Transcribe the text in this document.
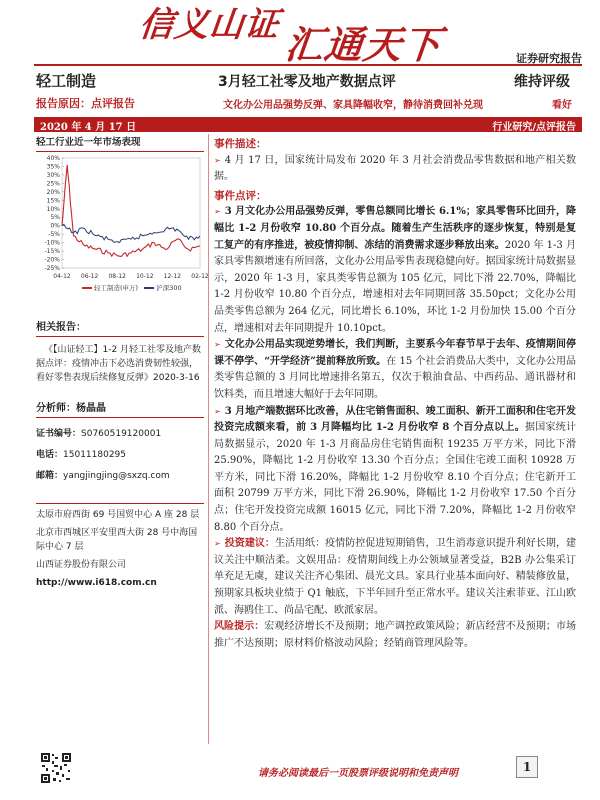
信义山证汇通天下	证券研究报告
轻工制造	3月轻工社零及地产数据点评	维持评级
报告原因：点评报告	文化办公用品强势反弹、家具降幅收窄，静待消费回补兑现	看好
2020 年 4 月 17 日	行业研究/点评报告
轻工行业近一年市场表现
40%
35%
30%
25%
20%
15%
10%
5%
0%
-5%
-10%
-15%
-20%
-25%
04-12 06-12 08-12 10-12 12-12 02-12
轻工制造(申万)	沪深300
相关报告：
《【山证轻工】1-2 月轻工社零及地产数据点评：疫情冲击下必选消费韧性较强，看好零售表现后续修复反弹》2020-3-16
分析师：杨晶晶
证书编号：S0760519120001
电话：15011180295
邮箱：yangjingjing@sxzq.com

太原市府西街 69 号国贸中心 A 座 28 层

北京市西城区平安里西大街 28 号中海国际中心 7 层

山西证券股份有限公司

http://www.i618.com.cn
事件描述：

➢ 4 月 17 日，国家统计局发布 2020 年 3 月社会消费品零售数据和地产相关数据。

事件点评：

➢ 3 月文化办公用品强势反弹，零售总额同比增长 6.1%；家具零售环比回升，降幅比 1-2 月份收窄 10.80 个百分点。随着生产生活秩序的逐步恢复，特别是复工复产的有序推进，被疫情抑制、冻结的消费需求逐步释放出来。2020 年 1-3 月家具零售额增速有所回落，文化办公用品零售表现稳健向好。据国家统计局数据显示，2020 年 1-3 月，家具类零售总额为 105 亿元，同比下滑 22.70%，降幅比 1-2 月份收窄 10.80 个百分点，增速相对去年同期回落 35.50pct；文化办公用品类零售总额为 264 亿元，同比增长 6.10%，环比 1-2 月份加快 15.00 个百分点，增速相对去年同期提升 10.10pct。

➢ 文化办公用品实现逆势增长，我们判断，主要系今年春节早于去年、疫情期间停课不停学、“开学经济”提前释放所致。在 15 个社会消费品大类中，文化办公用品类零售总额的 3 月同比增速排名第五，仅次于粮油食品、中西药品、通讯器材和饮料类，而且增速大幅好于去年同期。

➢ 3 月地产端数据环比改善，从住宅销售面积、竣工面积、新开工面积和住宅开发投资完成额来看，前 3 月降幅均比 1-2 月份收窄 8 个百分点以上。据国家统计局数据显示，2020 年 1-3 月商品房住宅销售面积 19235 万平方米，同比下滑 25.90%，降幅比 1-2 月份收窄 13.30 个百分点；全国住宅竣工面积 10928 万平方米，同比下滑 16.20%，降幅比 1-2 月份收窄 8.10 个百分点；住宅新开工面积 20799 万平方米，同比下滑 26.90%，降幅比 1-2 月份收窄 17.50 个百分点；住宅开发投资完成额 16015 亿元，同比下滑 7.20%，降幅比 1-2 月份收窄 8.80 个百分点。

➢ 投资建议：生活用纸：疫情防控促进短期销售，卫生消毒意识提升利好长期，建议关注中顺洁柔。文娱用品：疫情期间线上办公领域显著受益，B2B 办公集采订单充足无虞，建议关注齐心集团、晨光文具。家具行业基本面向好、精装修放量，预期家具板块业绩于 Q1 触底，下半年回升至正常水平。建议关注索菲亚、江山欧派、海鸥住工、尚品宅配、欧派家居。

风险提示：宏观经济增长不及预期；地产调控政策风险；新店经营不及预期；市场推广不达预期；原材料价格波动风险；经销商管理风险等。

请务必阅读最后一页股票评级说明和免责声明	1
